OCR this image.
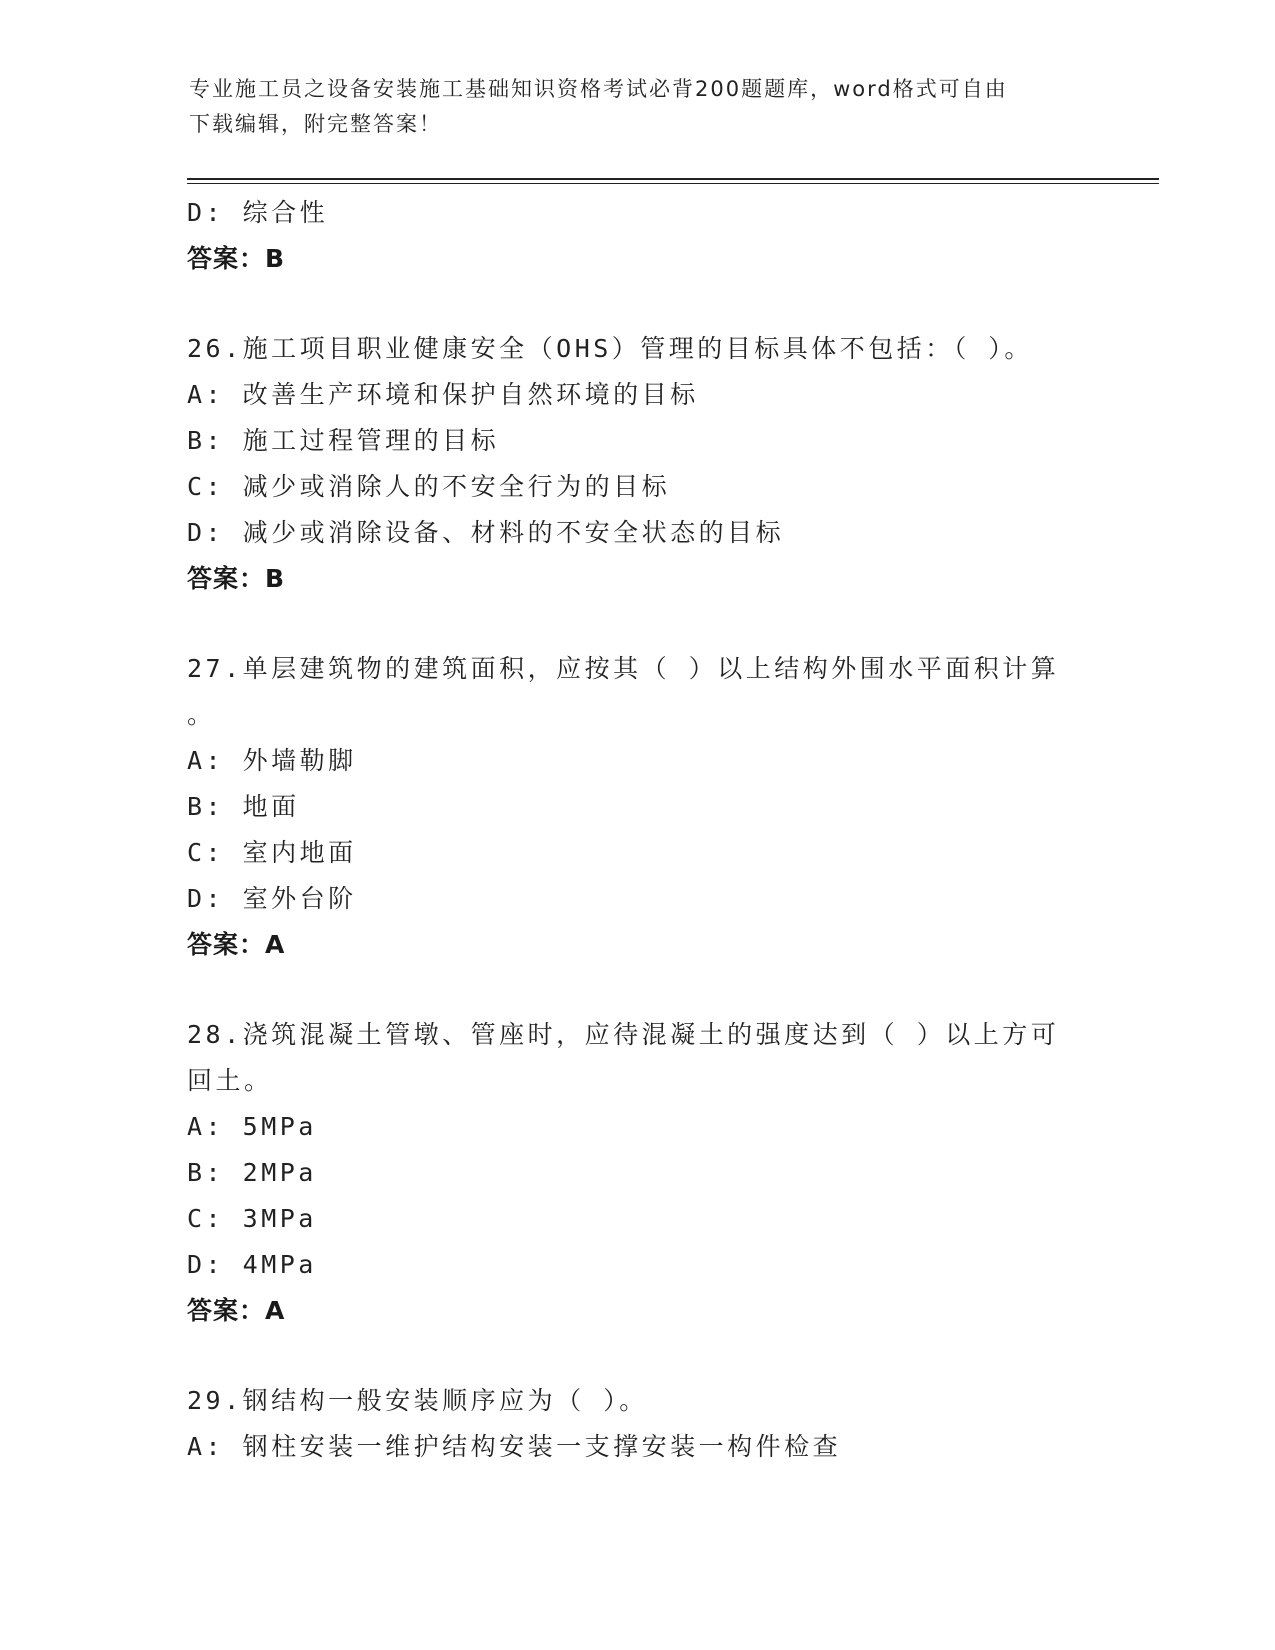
专业施工员之设备安装施工基础知识资格考试必背200题题库，word格式可自由
下载编辑，附完整答案！
D: 综合性
答案：B
26.施工项目职业健康安全（OHS）管理的目标具体不包括：（ ）。
A: 改善生产环境和保护自然环境的目标
B: 施工过程管理的目标
C: 减少或消除人的不安全行为的目标
D: 减少或消除设备、材料的不安全状态的目标
答案：B
27.单层建筑物的建筑面积，应按其（ ）以上结构外围水平面积计算
。
A: 外墙勒脚
B: 地面
C: 室内地面
D: 室外台阶
答案：A
28.浇筑混凝土管墩、管座时，应待混凝土的强度达到（ ）以上方可
回土。
A: 5MPa
B: 2MPa
C: 3MPa
D: 4MPa
答案：A
29.钢结构一般安装顺序应为（ ）。
A: 钢柱安装一维护结构安装一支撑安装一构件检查
